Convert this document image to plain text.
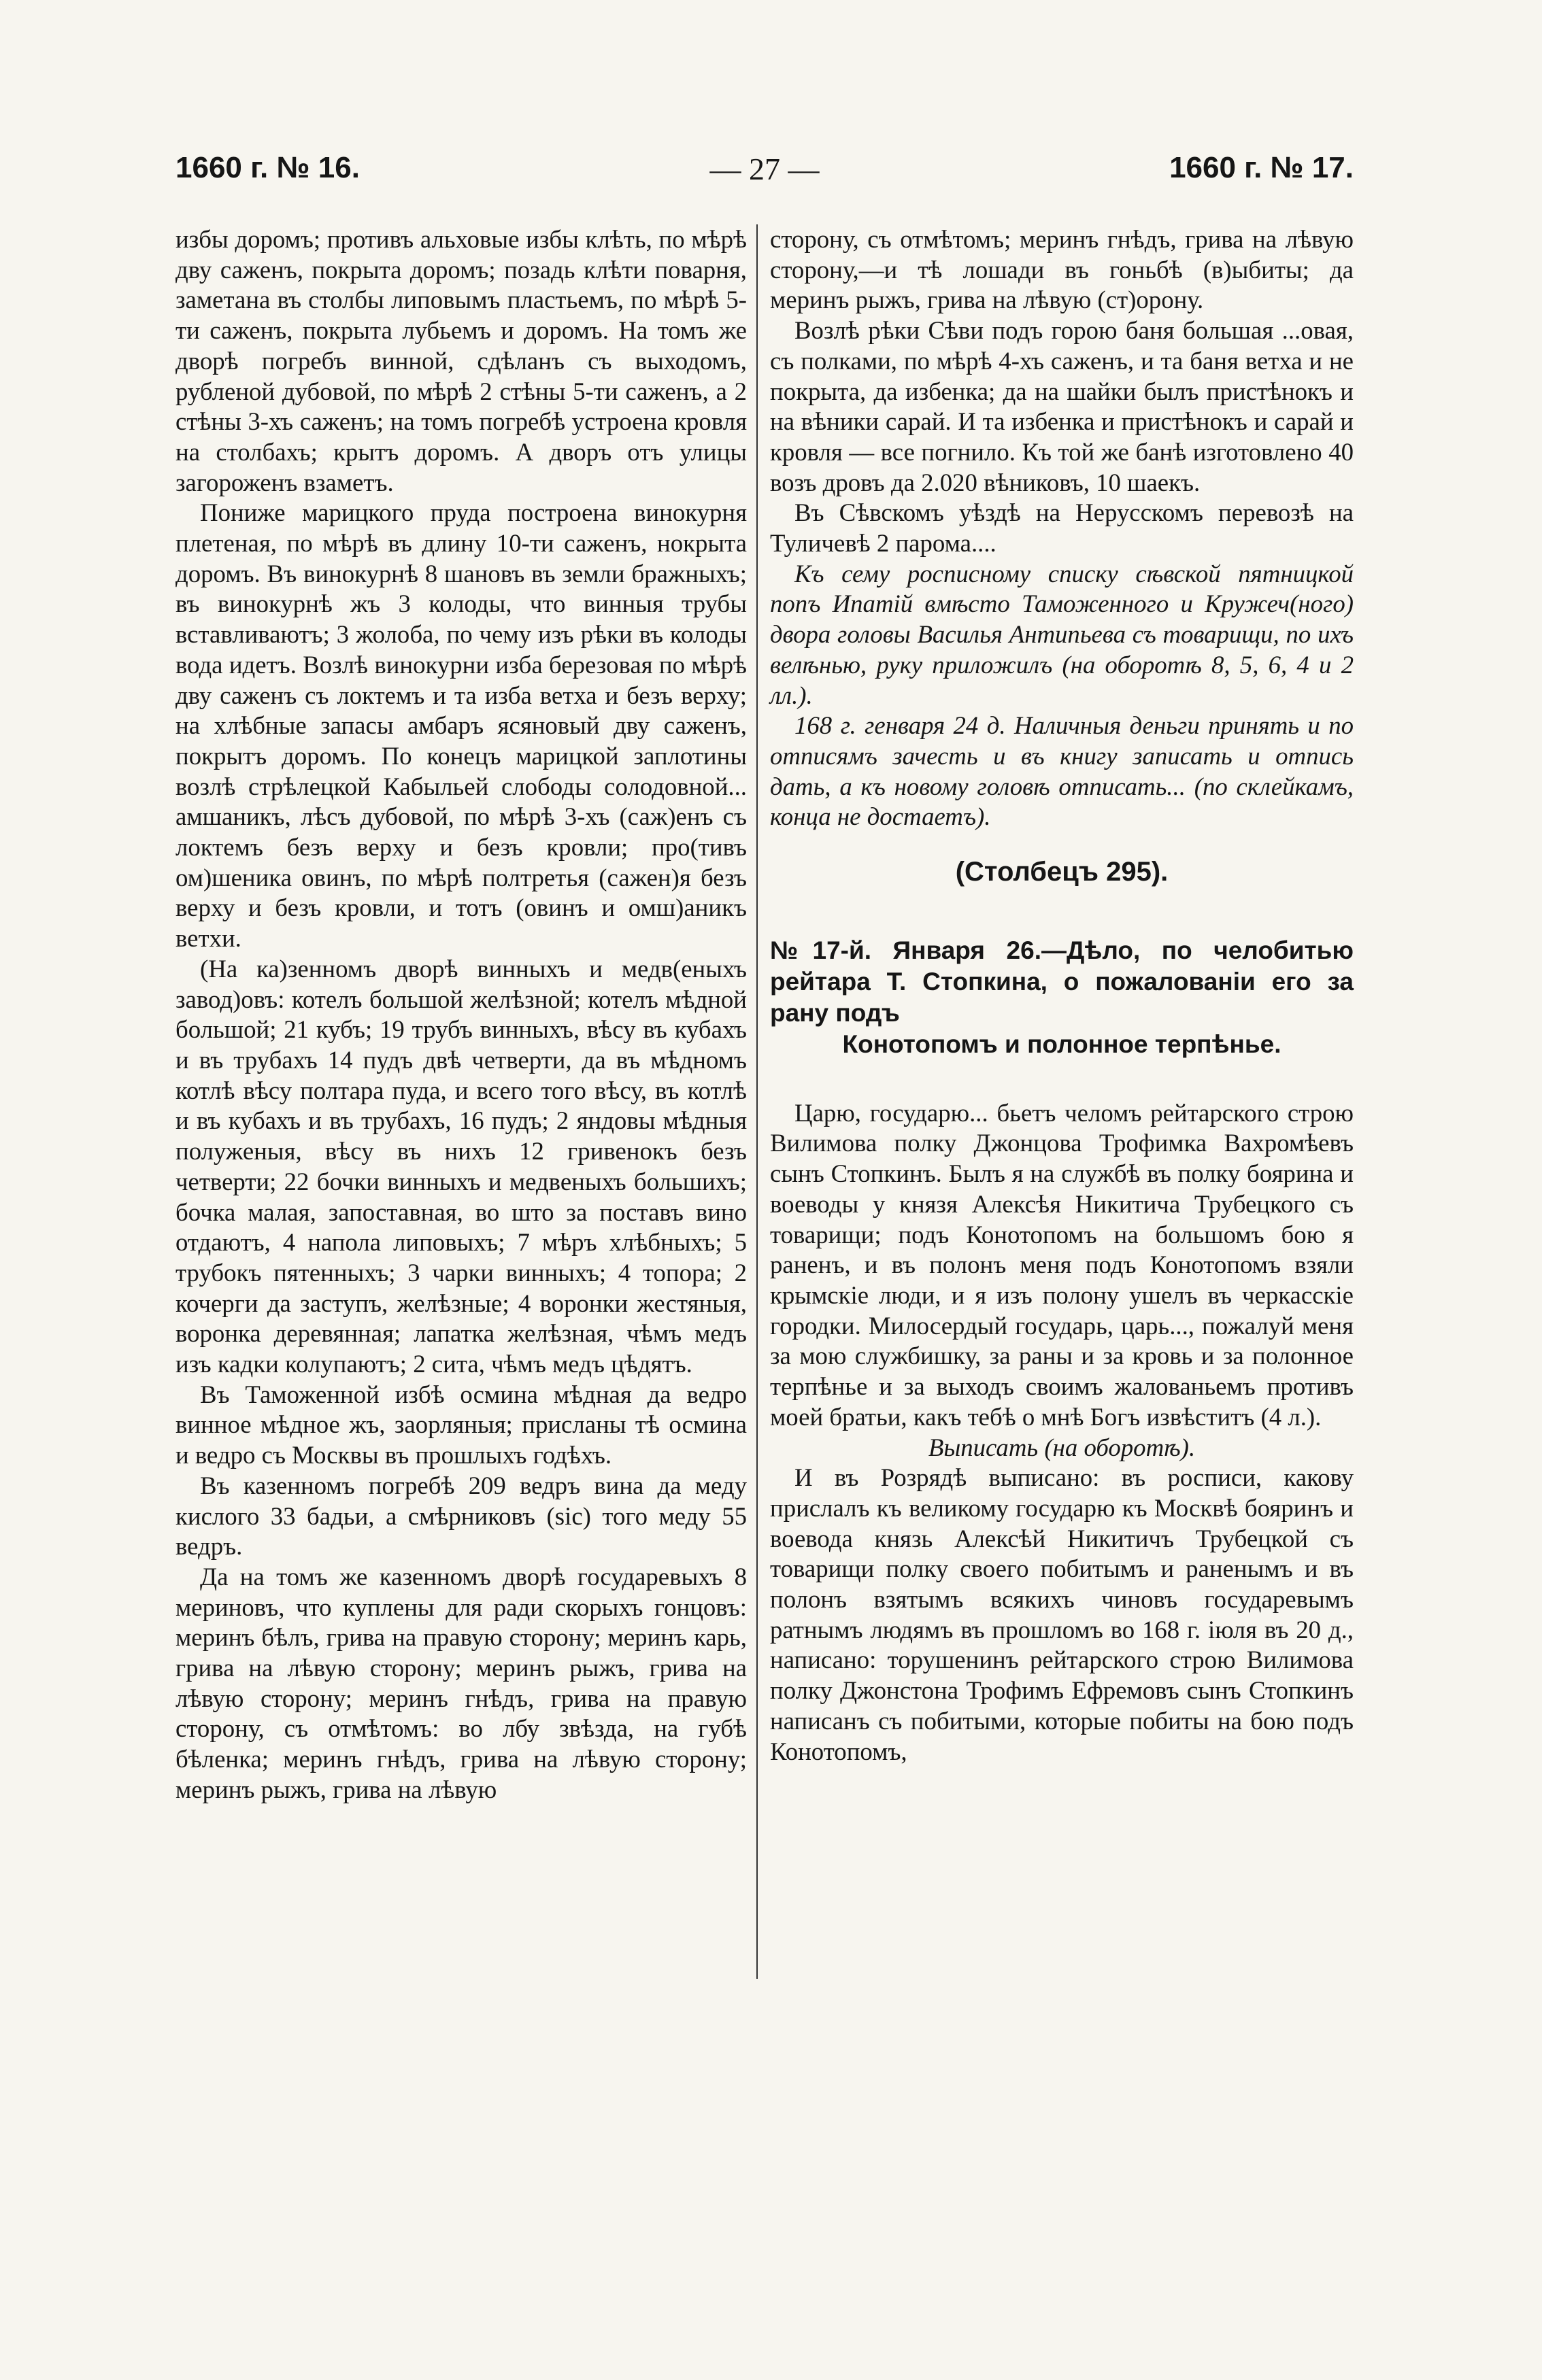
1660 г. № 16.	— 27 —	1660 г. № 17.

избы доромъ; противъ альховые избы клѣть, по мѣрѣ дву саженъ, покрыта доромъ; позадь клѣти поварня, заметана въ столбы липовымъ пластьемъ, по мѣрѣ 5-ти саженъ, покрыта лубьемъ и доромъ. На томъ же дворѣ погребъ винной, сдѣланъ съ выходомъ, рубленой дубовой, по мѣрѣ 2 стѣны 5-ти саженъ, а 2 стѣны 3-хъ саженъ; на томъ погребѣ устроена кровля на столбахъ; крытъ доромъ. А дворъ отъ улицы загороженъ взаметъ.

Пониже марицкого пруда построена винокурня плетеная, по мѣрѣ въ длину 10-ти саженъ, нокрыта доромъ. Въ винокурнѣ 8 шановъ въ земли бражныхъ; въ винокурнѣ жъ 3 колоды, что винныя трубы вставливаютъ; 3 жолоба, по чему изъ рѣки въ колоды вода идетъ. Возлѣ винокурни изба березовая по мѣрѣ дву саженъ съ локтемъ и та изба ветха и безъ верху; на хлѣбные запасы амбаръ ясяновый дву саженъ, покрытъ доромъ. По конецъ марицкой заплотины возлѣ стрѣлецкой Кабыльей слободы солодовной... амшаникъ, лѣсъ дубовой, по мѣрѣ 3-хъ (саж)енъ съ локтемъ безъ верху и безъ кровли; про(тивъ ом)шеника овинъ, по мѣрѣ полтретья (сажен)я безъ верху и безъ кровли, и тотъ (овинъ и омш)аникъ ветхи.

(На ка)зенномъ дворѣ винныхъ и медв(еныхъ завод)овъ: котелъ большой желѣзной; котелъ мѣдной большой; 21 кубъ; 19 трубъ винныхъ, вѣсу въ кубахъ и въ трубахъ 14 пудъ двѣ четверти, да въ мѣдномъ котлѣ вѣсу полтара пуда, и всего того вѣсу, въ котлѣ и въ кубахъ и въ трубахъ, 16 пудъ; 2 яндовы мѣдныя полуженыя, вѣсу въ нихъ 12 гривенокъ безъ четверти; 22 бочки винныхъ и медвеныхъ большихъ; бочка малая, запоставная, во што за поставъ вино отдаютъ, 4 напола липовыхъ; 7 мѣръ хлѣбныхъ; 5 трубокъ пятенныхъ; 3 чарки винныхъ; 4 топора; 2 кочерги да заступъ, желѣзные; 4 воронки жестяныя, воронка деревянная; лапатка желѣзная, чѣмъ медъ изъ кадки колупаютъ; 2 сита, чѣмъ медъ цѣдятъ.

Въ Таможенной избѣ осмина мѣдная да ведро винное мѣдное жъ, заорляныя; присланы тѣ осмина и ведро съ Москвы въ прошлыхъ годѣхъ.

Въ казенномъ погребѣ 209 ведръ вина да меду кислого 33 бадьи, а смѣрниковъ (sic) того меду 55 ведръ.

Да на томъ же казенномъ дворѣ государевыхъ 8 мериновъ, что куплены для ради скорыхъ гонцовъ: меринъ бѣлъ, грива на правую сторону; меринъ карь, грива на лѣвую сторону; меринъ рыжъ, грива на лѣвую сторону; меринъ гнѣдъ, грива на правую сторону, съ отмѣтомъ: во лбу звѣзда, на губѣ бѣленка; меринъ гнѣдъ, грива на лѣвую сторону; меринъ рыжъ, грива на лѣвую

сторону, съ отмѣтомъ; меринъ гнѣдъ, грива на лѣвую сторону,—и тѣ лошади въ гоньбѣ (в)ыбиты; да меринъ рыжъ, грива на лѣвую (ст)орону.

Возлѣ рѣки Сѣви подъ горою баня большая ...овая, съ полками, по мѣрѣ 4-хъ саженъ, и та баня ветха и не покрыта, да избенка; да на шайки былъ пристѣнокъ и на вѣники сарай. И та избенка и пристѣнокъ и сарай и кровля — все погнило. Къ той же банѣ изготовлено 40 возъ дровъ да 2.020 вѣниковъ, 10 шаекъ.

Въ Сѣвскомъ уѣздѣ на Нерусскомъ перевозѣ на Туличевѣ 2 парома....

Къ сему росписному списку сѣвской пятницкой попъ Ипатій вмѣсто Таможенного и Кружеч(ного) двора головы Василья Антипьева съ товарищи, по ихъ велѣнью, руку приложилъ (на оборотѣ 8, 5, 6, 4 и 2 лл.).

168 г. генваря 24 д. Наличныя деньги принять и по отписямъ зачесть и въ книгу записать и отпись дать, а къ новому головѣ отписать... (по склейкамъ, конца не достаетъ).

(Столбецъ 295).
№17-й. Января 26.—Дѣло, по челобитью рейтара Т. Стопкина, о пожалованіи его за рану подъ
Конотопомъ и полонное терпѣнье.

Царю, государю... бьетъ челомъ рейтарского строю Вилимова полку Джонцова Трофимка Вахромѣевъ сынъ Стопкинъ. Былъ я на службѣ въ полку боярина и воеводы у князя Алексѣя Никитича Трубецкого съ товарищи; подъ Конотопомъ на большомъ бою я раненъ, и въ полонъ меня подъ Конотопомъ взяли крымскіе люди, и я изъ полону ушелъ въ черкасскіе городки. Милосердый государь, царь..., пожалуй меня за мою службишку, за раны и за кровь и за полонное терпѣнье и за выходъ своимъ жалованьемъ противъ моей братьи, какъ тебѣ о мнѣ Богъ извѣститъ (4 л.).

Выписать (на оборотѣ).

И въ Розрядѣ выписано: въ росписи, какову прислалъ къ великому государю къ Москвѣ бояринъ и воевода князь Алексѣй Никитичъ Трубецкой съ товарищи полку своего побитымъ и раненымъ и въ полонъ взятымъ всякихъ чиновъ государевымъ ратнымъ людямъ въ прошломъ во 168 г. іюля въ 20 д., написано: торушенинъ рейтарского строю Вилимова полку Джонстона Трофимъ Ефремовъ сынъ Стопкинъ написанъ съ побитыми, которые побиты на бою подъ Конотопомъ,
